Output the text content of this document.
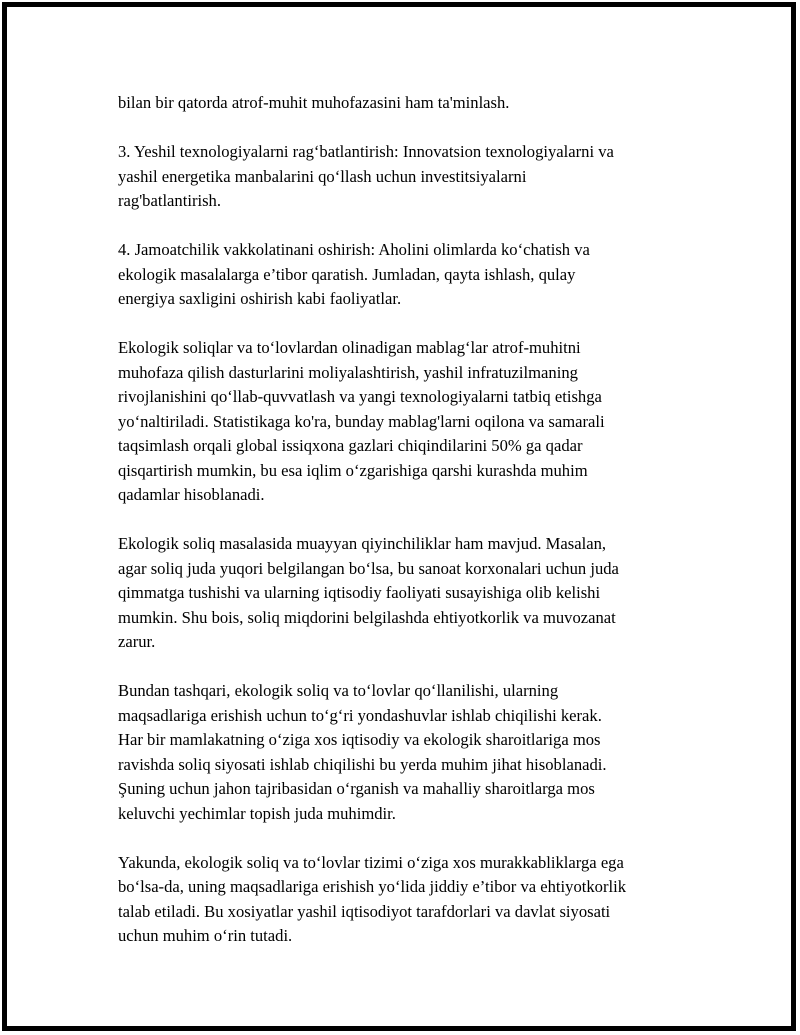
bilan bir qatorda atrof-muhit muhofazasini ham ta'minlash.

3. Yeshil texnologiyalarni rag‘batlantirish: Innovatsion texnologiyalarni va
yashil energetika manbalarini qo‘llash uchun investitsiyalarni
rag'batlantirish.

4. Jamoatchilik vakkolatinani oshirish: Aholini olimlarda ko‘chatish va
ekologik masalalarga e’tibor qaratish. Jumladan, qayta ishlash, qulay
energiya saxligini oshirish kabi faoliyatlar.

Ekologik soliqlar va to‘lovlardan olinadigan mablag‘lar atrof-muhitni
muhofaza qilish dasturlarini moliyalashtirish, yashil infratuzilmaning
rivojlanishini qo‘llab-quvvatlash va yangi texnologiyalarni tatbiq etishga
yo‘naltiriladi. Statistikaga ko'ra, bunday mablag'larni oqilona va samarali
taqsimlash orqali global issiqxona gazlari chiqindilarini 50% ga qadar
qisqartirish mumkin, bu esa iqlim o‘zgarishiga qarshi kurashda muhim
qadamlar hisoblanadi.

Ekologik soliq masalasida muayyan qiyinchiliklar ham mavjud. Masalan,
agar soliq juda yuqori belgilangan bo‘lsa, bu sanoat korxonalari uchun juda
qimmatga tushishi va ularning iqtisodiy faoliyati susayishiga olib kelishi
mumkin. Shu bois, soliq miqdorini belgilashda ehtiyotkorlik va muvozanat
zarur.

Bundan tashqari, ekologik soliq va to‘lovlar qo‘llanilishi, ularning
maqsadlariga erishish uchun to‘g‘ri yondashuvlar ishlab chiqilishi kerak.
Har bir mamlakatning o‘ziga xos iqtisodiy va ekologik sharoitlariga mos
ravishda soliq siyosati ishlab chiqilishi bu yerda muhim jihat hisoblanadi.
Şuning uchun jahon tajribasidan o‘rganish va mahalliy sharoitlarga mos
keluvchi yechimlar topish juda muhimdir.

Yakunda, ekologik soliq va to‘lovlar tizimi o‘ziga xos murakkabliklarga ega
bo‘lsa-da, uning maqsadlariga erishish yo‘lida jiddiy e’tibor va ehtiyotkorlik
talab etiladi. Bu xosiyatlar yashil iqtisodiyot tarafdorlari va davlat siyosati
uchun muhim o‘rin tutadi.
